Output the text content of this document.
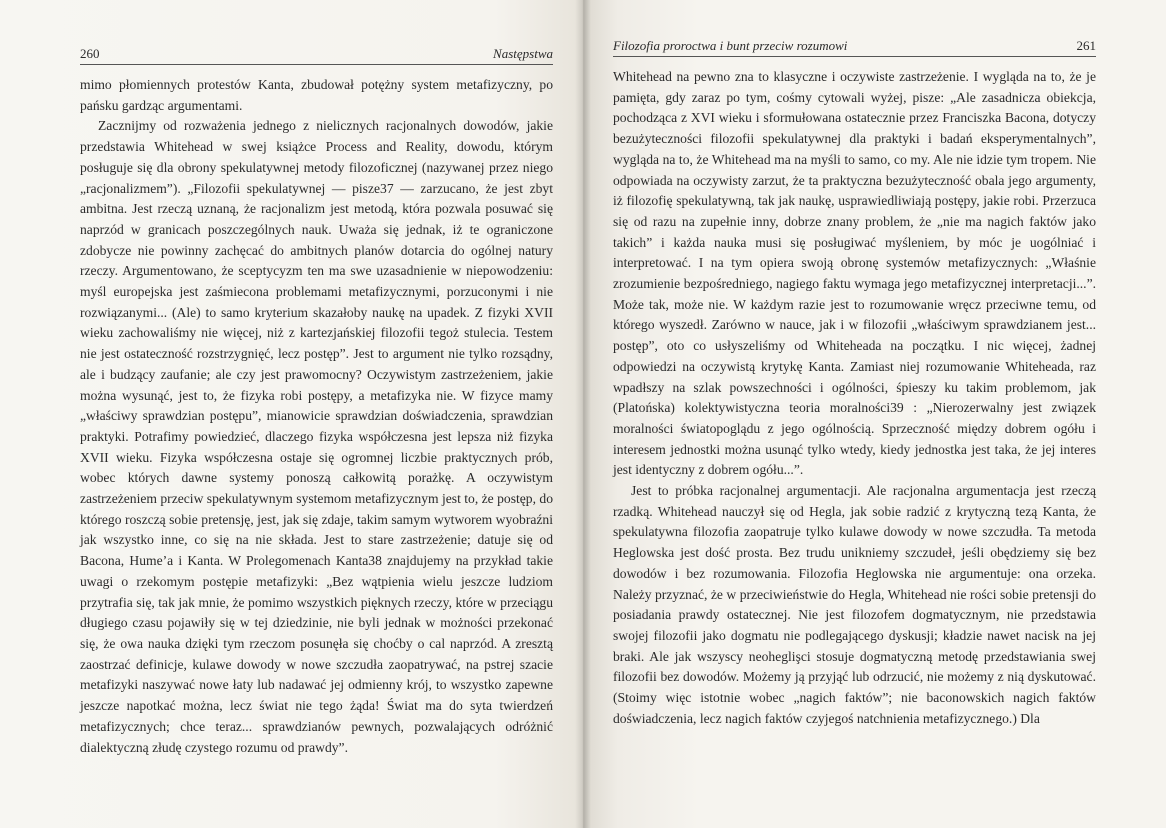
260	Następstwa

mimo płomiennych protestów Kanta, zbudował potężny system metafizyczny, po pańsku gardząc argumentami.

Zacznijmy od rozważenia jednego z nielicznych racjonalnych dowodów, jakie przedstawia Whitehead w swej książce Process and Reality, dowodu, którym posługuje się dla obrony spekulatywnej metody filozoficznej (nazywanej przez niego „racjonalizmem”). „Filozofii spekulatywnej — pisze37 — zarzucano, że jest zbyt ambitna. Jest rzeczą uznaną, że racjonalizm jest metodą, która pozwala posuwać się naprzód w granicach poszczególnych nauk. Uważa się jednak, iż te ograniczone zdobycze nie powinny zachęcać do ambitnych planów dotarcia do ogólnej natury rzeczy. Argumentowano, że sceptycyzm ten ma swe uzasadnienie w niepowodzeniu: myśl europejska jest zaśmiecona problemami metafizycznymi, porzuconymi i nie rozwiązanymi... (Ale) to samo kryterium skazałoby naukę na upadek. Z fizyki XVII wieku zachowaliśmy nie więcej, niż z kartezjańskiej filozofii tegoż stulecia. Testem nie jest ostateczność rozstrzygnięć, lecz postęp”. Jest to argument nie tylko rozsądny, ale i budzący zaufanie; ale czy jest prawomocny? Oczywistym zastrzeżeniem, jakie można wysunąć, jest to, że fizyka robi postępy, a metafizyka nie. W fizyce mamy „właściwy sprawdzian postępu”, mianowicie sprawdzian doświadczenia, sprawdzian praktyki. Potrafimy powiedzieć, dlaczego fizyka współczesna jest lepsza niż fizyka XVII wieku. Fizyka współczesna ostaje się ogromnej liczbie praktycznych prób, wobec których dawne systemy ponoszą całkowitą porażkę. A oczywistym zastrzeżeniem przeciw spekulatywnym systemom metafizycznym jest to, że postęp, do którego roszczą sobie pretensję, jest, jak się zdaje, takim samym wytworem wyobraźni jak wszystko inne, co się na nie składa. Jest to stare zastrzeżenie; datuje się od Bacona, Hume’a i Kanta. W Prolegomenach Kanta38 znajdujemy na przykład takie uwagi o rzekomym postępie metafizyki: „Bez wątpienia wielu jeszcze ludziom przytrafia się, tak jak mnie, że pomimo wszystkich pięknych rzeczy, które w przeciągu długiego czasu pojawiły się w tej dziedzinie, nie byli jednak w możności przekonać się, że owa nauka dzięki tym rzeczom posunęła się choćby o cal naprzód. A zresztą zaostrzać definicje, kulawe dowody w nowe szczudła zaopatrywać, na pstrej szacie metafizyki naszywać nowe łaty lub nadawać jej odmienny krój, to wszystko zapewne jeszcze napotkać można, lecz świat nie tego żąda! Świat ma do syta twierdzeń metafizycznych; chce teraz... sprawdzianów pewnych, pozwalających odróżnić dialektyczną złudę czystego rozumu od prawdy”.

Filozofia proroctwa i bunt przeciw rozumowi	261

Whitehead na pewno zna to klasyczne i oczywiste zastrzeżenie. I wygląda na to, że je pamięta, gdy zaraz po tym, cośmy cytowali wyżej, pisze: „Ale zasadnicza obiekcja, pochodząca z XVI wieku i sformułowana ostatecznie przez Franciszka Bacona, dotyczy bezużyteczności filozofii spekulatywnej dla praktyki i badań eksperymentalnych”, wygląda na to, że Whitehead ma na myśli to samo, co my. Ale nie idzie tym tropem. Nie odpowiada na oczywisty zarzut, że ta praktyczna bezużyteczność obala jego argumenty, iż filozofię spekulatywną, tak jak naukę, usprawiedliwiają postępy, jakie robi. Przerzuca się od razu na zupełnie inny, dobrze znany problem, że „nie ma nagich faktów jako takich” i każda nauka musi się posługiwać myśleniem, by móc je uogólniać i interpretować. I na tym opiera swoją obronę systemów metafizycznych: „Właśnie zrozumienie bezpośredniego, nagiego faktu wymaga jego metafizycznej interpretacji...”. Może tak, może nie. W każdym razie jest to rozumowanie wręcz przeciwne temu, od którego wyszedł. Zarówno w nauce, jak i w filozofii „właściwym sprawdzianem jest... postęp”, oto co usłyszeliśmy od Whiteheada na początku. I nic więcej, żadnej odpowiedzi na oczywistą krytykę Kanta. Zamiast niej rozumowanie Whiteheada, raz wpadłszy na szlak powszechności i ogólności, śpieszy ku takim problemom, jak (Platońska) kolektywistyczna teoria moralności39 : „Nierozerwalny jest związek moralności światopoglądu z jego ogólnością. Sprzeczność między dobrem ogółu i interesem jednostki można usunąć tylko wtedy, kiedy jednostka jest taka, że jej interes jest identyczny z dobrem ogółu...”.

Jest to próbka racjonalnej argumentacji. Ale racjonalna argumentacja jest rzeczą rzadką. Whitehead nauczył się od Hegla, jak sobie radzić z krytyczną tezą Kanta, że spekulatywna filozofia zaopatruje tylko kulawe dowody w nowe szczudła. Ta metoda Heglowska jest dość prosta. Bez trudu unikniemy szczudeł, jeśli obędziemy się bez dowodów i bez rozumowania. Filozofia Heglowska nie argumentuje: ona orzeka. Należy przyznać, że w przeciwieństwie do Hegla, Whitehead nie rości sobie pretensji do posiadania prawdy ostatecznej. Nie jest filozofem dogmatycznym, nie przedstawia swojej filozofii jako dogmatu nie podlegającego dyskusji; kładzie nawet nacisk na jej braki. Ale jak wszyscy neoheglişci stosuje dogmatyczną metodę przedstawiania swej filozofii bez dowodów. Możemy ją przyjąć lub odrzucić, nie możemy z nią dyskutować. (Stoimy więc istotnie wobec „nagich faktów”; nie baconowskich nagich faktów doświadczenia, lecz nagich faktów czyjegoś natchnienia metafizycznego.) Dla
